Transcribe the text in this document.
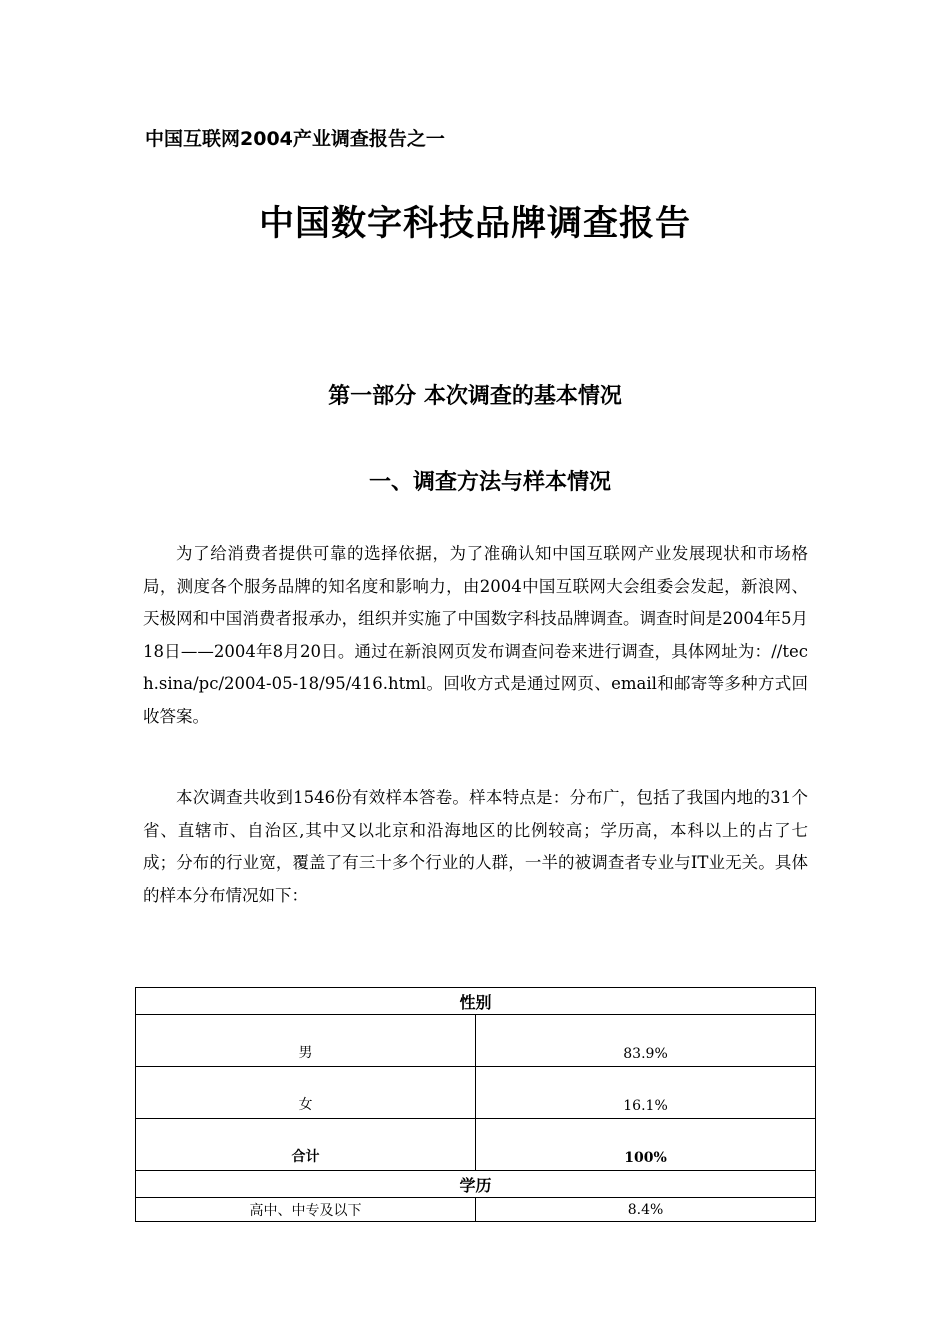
中国互联网2004产业调查报告之一
中国数字科技品牌调查报告
第一部分 本次调查的基本情况
一、调查方法与样本情况

为了给消费者提供可靠的选择依据，为了准确认知中国互联网产业发展现状和市场格局，测度各个服务品牌的知名度和影响力，由2004中国互联网大会组委会发起，新浪网、天极网和中国消费者报承办，组织并实施了中国数字科技品牌调查。调查时间是2004年5月18日——2004年8月20日。通过在新浪网页发布调查问卷来进行调查，具体网址为：//tech.sina/pc/2004-05-18/95/416.html。回收方式是通过网页、email和邮寄等多种方式回收答案。

本次调查共收到1546份有效样本答卷。样本特点是：分布广，包括了我国内地的31个省、直辖市、自治区,其中又以北京和沿海地区的比例较高；学历高，本科以上的占了七成；分布的行业宽，覆盖了有三十多个行业的人群，一半的被调查者专业与IT业无关。具体的样本分布情况如下：

性别	
男	83.9%
女	16.1%
合计	100%
学历	
高中、中专及以下	8.4%
